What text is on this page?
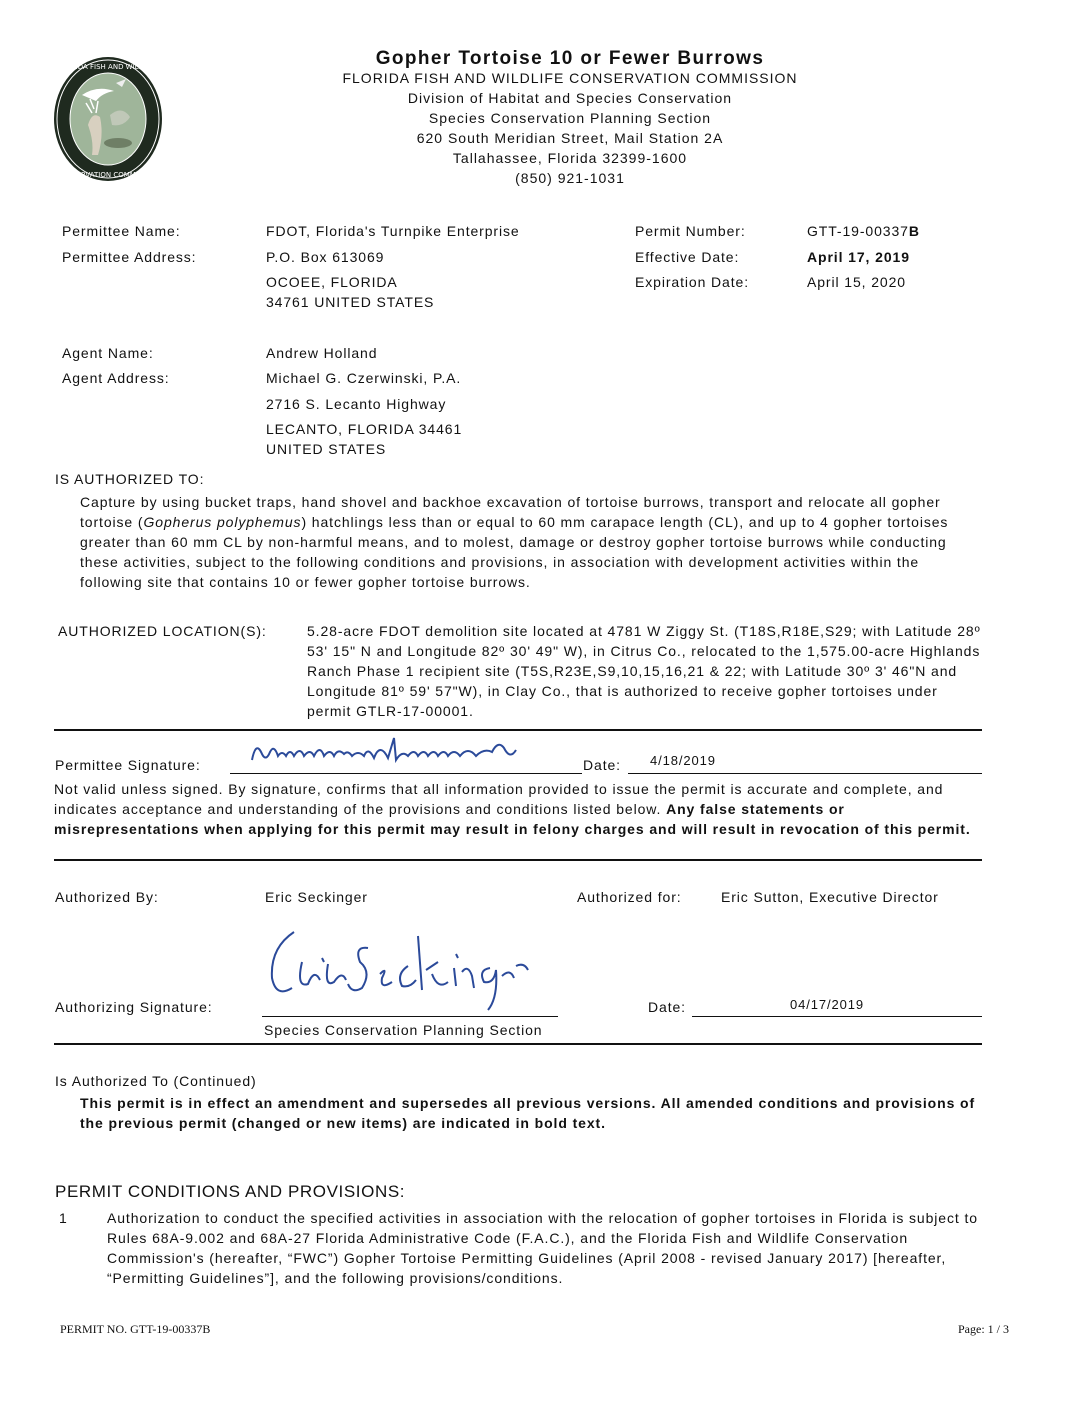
FLORIDA FISH AND WILDLIFE
CONSERVATION COMMISSION
Gopher Tortoise 10 or Fewer Burrows
FLORIDA FISH AND WILDLIFE CONSERVATION COMMISSION
Division of Habitat and Species Conservation
Species Conservation Planning Section
620 South Meridian Street, Mail Station 2A
Tallahassee, Florida 32399-1600
(850) 921-1031
Permittee Name:	FDOT, Florida's Turnpike Enterprise
Permittee Address:	P.O. Box 613069
OCOEE, FLORIDA
34761 UNITED STATES
Permit Number:	GTT-19-00337B
Effective Date:	April 17, 2019
Expiration Date:	April 15, 2020
Agent Name:	Andrew Holland
Agent Address:	Michael G. Czerwinski, P.A.
2716 S. Lecanto Highway
LECANTO, FLORIDA 34461
UNITED STATES
IS AUTHORIZED TO:
Capture by using bucket traps, hand shovel and backhoe excavation of tortoise burrows, transport and relocate all gopher tortoise (Gopherus polyphemus) hatchlings less than or equal to 60 mm carapace length (CL), and up to 4 gopher tortoises greater than 60 mm CL by non-harmful means, and to molest, damage or destroy gopher tortoise burrows while conducting these activities, subject to the following conditions and provisions, in association with development activities within the following site that contains 10 or fewer gopher tortoise burrows.
AUTHORIZED LOCATION(S):	5.28-acre FDOT demolition site located at 4781 W Ziggy St. (T18S,R18E,S29; with Latitude 28º 53' 15" N and Longitude 82º 30' 49" W), in Citrus Co., relocated to the 1,575.00-acre Highlands Ranch Phase 1 recipient site (T5S,R23E,S9,10,15,16,21 & 22; with Latitude 30º 3' 46"N and Longitude 81º 59' 57"W), in Clay Co., that is authorized to receive gopher tortoises under permit GTLR-17-00001.
Permittee Signature:	Date: 4/18/2019
Not valid unless signed. By signature, confirms that all information provided to issue the permit is accurate and complete, and indicates acceptance and understanding of the provisions and conditions listed below. Any false statements or misrepresentations when applying for this permit may result in felony charges and will result in revocation of this permit.
Authorized By:	Eric Seckinger	Authorized for:	Eric Sutton, Executive Director
Authorizing Signature:
Species Conservation Planning Section
Date:	04/17/2019
Is Authorized To (Continued)
This permit is in effect an amendment and supersedes all previous versions. All amended conditions and provisions of the previous permit (changed or new items) are indicated in bold text.
PERMIT CONDITIONS AND PROVISIONS:
1	Authorization to conduct the specified activities in association with the relocation of gopher tortoises in Florida is subject to Rules 68A-9.002 and 68A-27 Florida Administrative Code (F.A.C.), and the Florida Fish and Wildlife Conservation Commission's (hereafter, “FWC”) Gopher Tortoise Permitting Guidelines (April 2008 - revised January 2017) [hereafter, “Permitting Guidelines”], and the following provisions/conditions.
PERMIT NO. GTT-19-00337B	Page: 1 / 3
